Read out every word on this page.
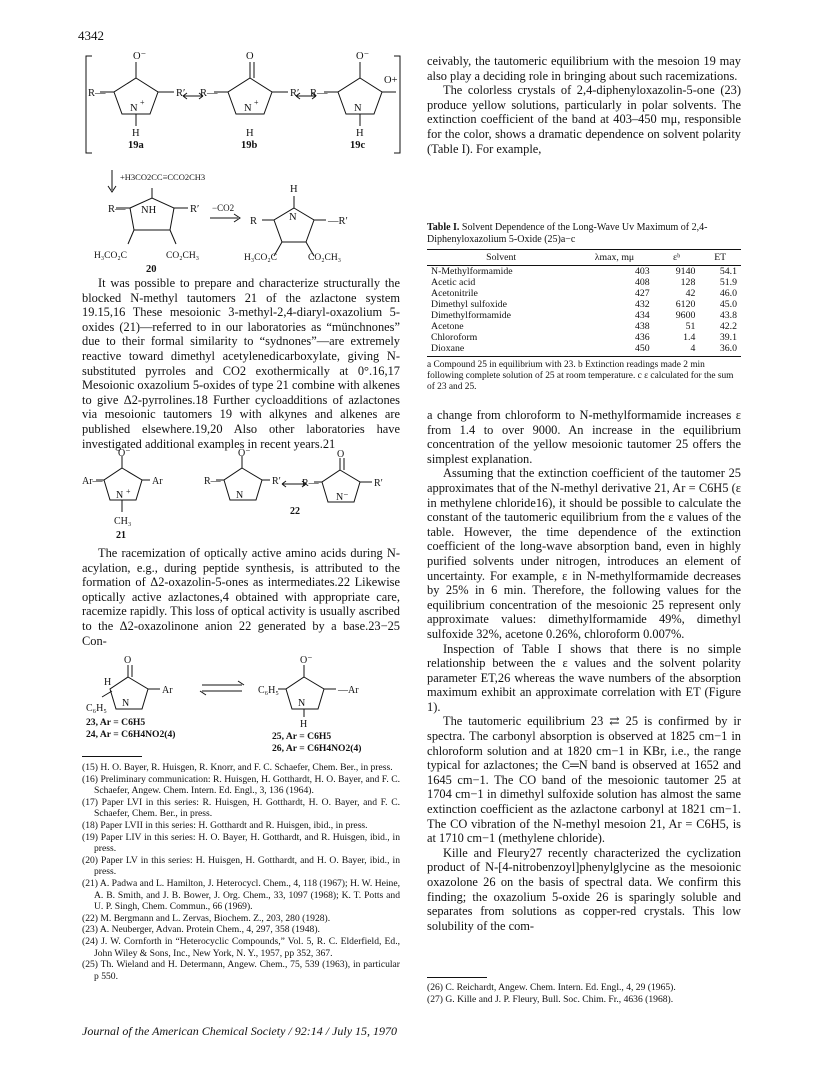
4342
O⁻
R—	R′
N
+
H
O
R—	R′
N
+
H
O⁻
R—
O+
N
H
+H3CO2CC≡CCO2CH3
R— NH	R′
H₃CO₂C	CO₂CH₃
−CO2
H
N
R	—R′
H₃CO₂C	CO₂CH₃
19a	19b	19c
20

It was possible to prepare and characterize structurally the blocked N-methyl tautomers 21 of the azlactone system 19.15,16 These mesoionic 3-methyl-2,4-diaryl-oxazolium 5-oxides (21)—referred to in our laboratories as “münchnones” due to their formal similarity to “sydnones”—are extremely reactive toward dimethyl acetylenedicarboxylate, giving N-substituted pyrroles and CO2 exothermically at 0°.16,17 Mesoionic oxazolium 5-oxides of type 21 combine with alkenes to give Δ2-pyrrolines.18 Further cycloadditions of azlactones via mesoionic tautomers 19 with alkynes and alkenes are published elsewhere.19,20 Also other laboratories have investigated additional examples in recent years.21

O⁻
Ar—	Ar
N +
CH₃
O⁻
R—	R′
N
O
R—	R′
N⁻
21
22

The racemization of optically active amino acids during N-acylation, e.g., during peptide synthesis, is attributed to the formation of Δ2-oxazolin-5-ones as intermediates.22 Likewise optically active azlactones,4 obtained with appropriate care, racemize rapidly. This loss of optical activity is usually ascribed to the Δ2-oxazolinone anion 22 generated by a base.23−25 Con-

O
H
Ar
C₆H₅ N
O⁻
C₆H₅	—Ar
N
H
23, Ar = C6H5
24, Ar = C6H4NO2(4)	25, Ar = C6H5
26, Ar = C6H4NO2(4)

(15) H. O. Bayer, R. Huisgen, R. Knorr, and F. C. Schaefer, Chem. Ber., in press.

(16) Preliminary communication: R. Huisgen, H. Gotthardt, H. O. Bayer, and F. C. Schaefer, Angew. Chem. Intern. Ed. Engl., 3, 136 (1964).

(17) Paper LVI in this series: R. Huisgen, H. Gotthardt, H. O. Bayer, and F. C. Schaefer, Chem. Ber., in press.

(18) Paper LVII in this series: H. Gotthardt and R. Huisgen, ibid., in press.

(19) Paper LIV in this series: H. O. Bayer, H. Gotthardt, and R. Huisgen, ibid., in press.

(20) Paper LV in this series: H. Huisgen, H. Gotthardt, and H. O. Bayer, ibid., in press.

(21) A. Padwa and L. Hamilton, J. Heterocycl. Chem., 4, 118 (1967); H. W. Heine, A. B. Smith, and J. B. Bower, J. Org. Chem., 33, 1097 (1968); K. T. Potts and U. P. Singh, Chem. Commun., 66 (1969).

(22) M. Bergmann and L. Zervas, Biochem. Z., 203, 280 (1928).

(23) A. Neuberger, Advan. Protein Chem., 4, 297, 358 (1948).

(24) J. W. Cornforth in “Heterocyclic Compounds,” Vol. 5, R. C. Elderfield, Ed., John Wiley & Sons, Inc., New York, N. Y., 1957, pp 352, 367.

(25) Th. Wieland and H. Determann, Angew. Chem., 75, 539 (1963), in particular p 550.

ceivably, the tautomeric equilibrium with the mesoion 19 may also play a deciding role in bringing about such racemizations.

The colorless crystals of 2,4-diphenyloxazolin-5-one (23) produce yellow solutions, particularly in polar solvents. The extinction coefficient of the band at 403–450 mμ, responsible for the color, shows a dramatic dependence on solvent polarity (Table I). For example,

Table I. Solvent Dependence of the Long-Wave Uv Maximum of 2,4-Diphenyloxazolium 5-Oxide (25)a−c
Solvent	λmax, mμ	εᵇ	ET
N-Methylformamide	403	9140	54.1
Acetic acid	408	128	51.9
Acetonitrile	427	42	46.0
Dimethyl sulfoxide	432	6120	45.0
Dimethylformamide	434	9600	43.8
Acetone	438	51	42.2
Chloroform	436	1.4	39.1
Dioxane	450	4	36.0
a Compound 25 in equilibrium with 23. b Extinction readings made 2 min following complete solution of 25 at room temperature. c ε calculated for the sum of 23 and 25.

a change from chloroform to N-methylformamide increases ε from 1.4 to over 9000. An increase in the equilibrium concentration of the yellow mesoionic tautomer 25 offers the simplest explanation.

Assuming that the extinction coefficient of the tautomer 25 approximates that of the N-methyl derivative 21, Ar = C6H5 (ε in methylene chloride16), it should be possible to calculate the constant of the tautomeric equilibrium from the ε values of the table. However, the time dependence of the extinction coefficient of the long-wave absorption band, even in highly purified solvents under nitrogen, introduces an element of uncertainty. For example, ε in N-methylformamide decreases by 25% in 6 min. Therefore, the following values for the equilibrium concentration of the mesoionic 25 represent only approximate values: dimethylformamide 49%, dimethyl sulfoxide 32%, acetone 0.26%, chloroform 0.007%.

Inspection of Table I shows that there is no simple relationship between the ε values and the solvent polarity parameter ET,26 whereas the wave numbers of the absorption maximum exhibit an approximate correlation with ET (Figure 1).

The tautomeric equilibrium 23 ⇄ 25 is confirmed by ir spectra. The carbonyl absorption is observed at 1825 cm−1 in chloroform solution and at 1820 cm−1 in KBr, i.e., the range typical for azlactones; the C═N band is observed at 1652 and 1645 cm−1. The CO band of the mesoionic tautomer 25 at 1704 cm−1 in dimethyl sulfoxide solution has almost the same extinction coefficient as the azlactone carbonyl at 1821 cm−1. The CO vibration of the N-methyl mesoion 21, Ar = C6H5, is at 1710 cm−1 (methylene chloride).

Kille and Fleury27 recently characterized the cyclization product of N-[4-nitrobenzoyl]phenylglycine as the mesoionic oxazolone 26 on the basis of spectral data. We confirm this finding; the oxazolium 5-oxide 26 is sparingly soluble and separates from solutions as copper-red crystals. This low solubility of the com-

(26) C. Reichardt, Angew. Chem. Intern. Ed. Engl., 4, 29 (1965).

(27) G. Kille and J. P. Fleury, Bull. Soc. Chim. Fr., 4636 (1968).

Journal of the American Chemical Society / 92:14 / July 15, 1970
